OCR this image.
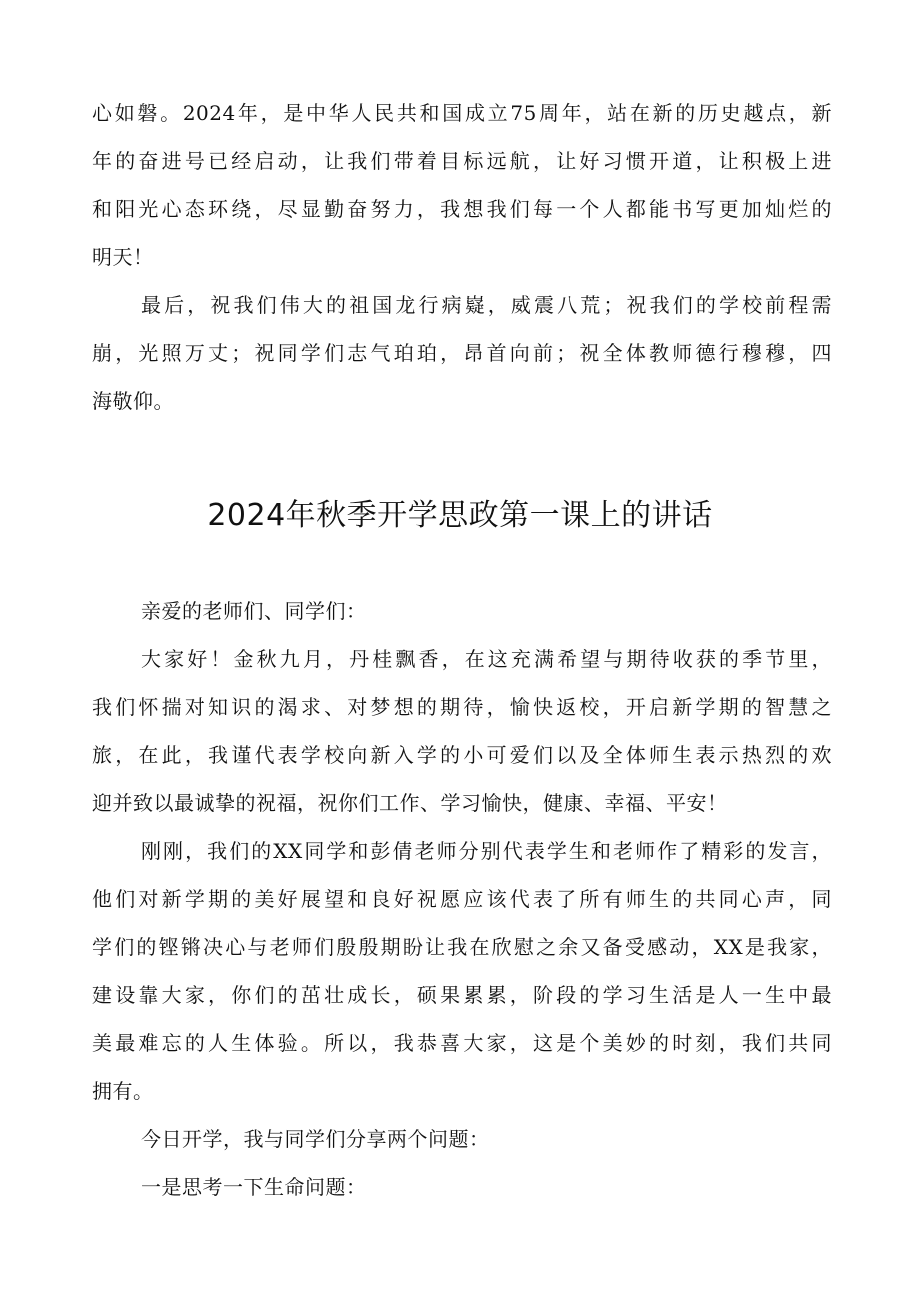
心如磐。2024年，是中华人民共和国成立75周年，站在新的历史越点，新
年的奋进号已经启动，让我们带着目标远航，让好习惯开道，让积极上进
和阳光心态环绕，尽显勤奋努力，我想我们每一个人都能书写更加灿烂的
明天！
最后，祝我们伟大的祖国龙行病嶷，威震八荒；祝我们的学校前程需
崩，光照万丈；祝同学们志气珀珀，昂首向前；祝全体教师德行穆穆，四
海敬仰。
2024年秋季开学思政第一课上的讲话
亲爱的老师们、同学们：
大家好！金秋九月，丹桂飘香，在这充满希望与期待收获的季节里，
我们怀揣对知识的渴求、对梦想的期待，愉快返校，开启新学期的智慧之
旅，在此，我谨代表学校向新入学的小可爱们以及全体师生表示热烈的欢
迎并致以最诚挚的祝福，祝你们工作、学习愉快，健康、幸福、平安！
刚刚，我们的XX同学和彭倩老师分别代表学生和老师作了精彩的发言，
他们对新学期的美好展望和良好祝愿应该代表了所有师生的共同心声，同
学们的铿锵决心与老师们殷殷期盼让我在欣慰之余又备受感动，XX是我家，
建设靠大家，你们的茁壮成长，硕果累累，阶段的学习生活是人一生中最
美最难忘的人生体验。所以，我恭喜大家，这是个美妙的时刻，我们共同
拥有。
今日开学，我与同学们分享两个问题：
一是思考一下生命问题：
